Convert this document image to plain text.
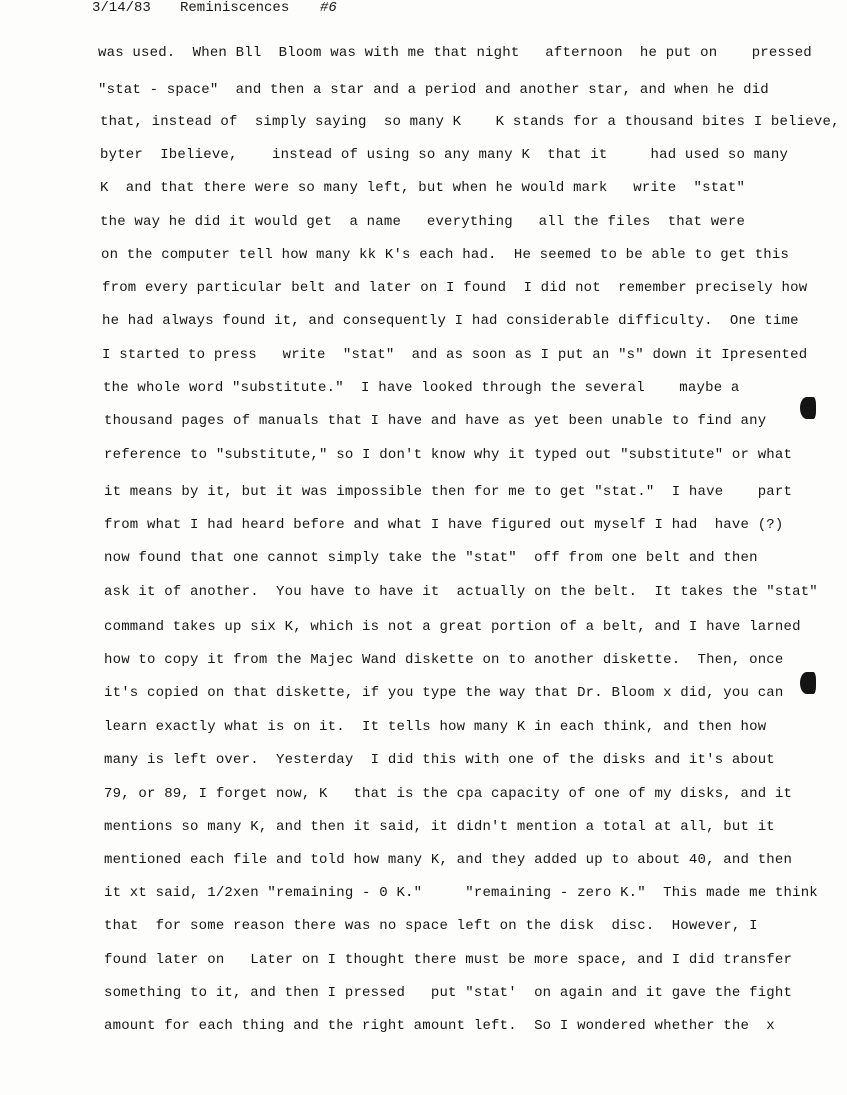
3/14/83

Reminiscences

#6

was used.  When Bll  Bloom was with me that night   afternoon  he put on    pressed
"stat - space"  and then a star and a period and another star, and when he did
that, instead of  simply saying  so many K    K stands for a thousand bites I believe,
byter  Ibelieve,    instead of using so any many K  that it     had used so many
K  and that there were so many left, but when he would mark   write  "stat"
the way he did it would get  a name   everything   all the files  that were
on the computer tell how many kk K's each had.  He seemed to be able to get this
from every particular belt and later on I found  I did not  remember precisely how
he had always found it, and consequently I had considerable difficulty.  One time
I started to press   write  "stat"  and as soon as I put an "s" down it Ipresented
the whole word "substitute."  I have looked through the several    maybe a
thousand pages of manuals that I have and have as yet been unable to find any
reference to "substitute," so I don't know why it typed out "substitute" or what
it means by it, but it was impossible then for me to get "stat."  I have    part
from what I had heard before and what I have figured out myself I had  have (?)
now found that one cannot simply take the "stat"  off from one belt and then
ask it of another.  You have to have it  actually on the belt.  It takes the "stat"
command takes up six K, which is not a great portion of a belt, and I have larned
how to copy it from the Majec Wand diskette on to another diskette.  Then, once
it's copied on that diskette, if you type the way that Dr. Bloom x did, you can
learn exactly what is on it.  It tells how many K in each think, and then how
many is left over.  Yesterday  I did this with one of the disks and it's about
79, or 89, I forget now, K   that is the cpa capacity of one of my disks, and it
mentions so many K, and then it said, it didn't mention a total at all, but it
mentioned each file and told how many K, and they added up to about 40, and then
it xt said, 1/2xen "remaining - 0 K."     "remaining - zero K."  This made me think
that  for some reason there was no space left on the disk  disc.  However, I
found later on   Later on I thought there must be more space, and I did transfer
something to it, and then I pressed   put "stat'  on again and it gave the fight
amount for each thing and the right amount left.  So I wondered whether the  x
